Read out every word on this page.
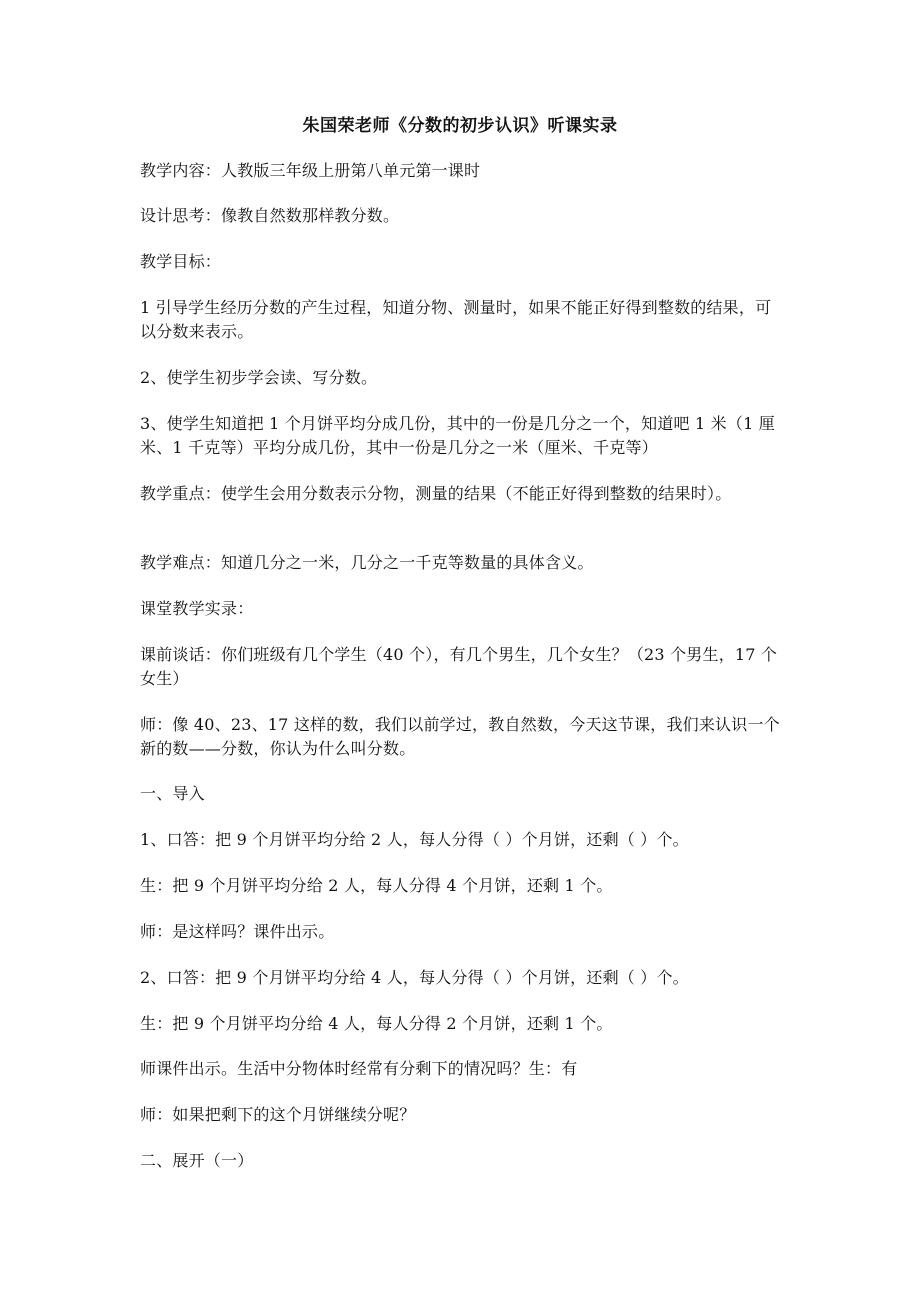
朱国荣老师《分数的初步认识》听课实录
教学内容：人教版三年级上册第八单元第一课时
设计思考：像教自然数那样教分数。
教学目标：
1 引导学生经历分数的产生过程，知道分物、测量时，如果不能正好得到整数的结果，可以分数来表示。
2、使学生初步学会读、写分数。
3、使学生知道把 1 个月饼平均分成几份，其中的一份是几分之一个，知道吧 1 米（1 厘米、1 千克等）平均分成几份，其中一份是几分之一米（厘米、千克等）
教学重点：使学生会用分数表示分物，测量的结果（不能正好得到整数的结果时）。
教学难点：知道几分之一米，几分之一千克等数量的具体含义。
课堂教学实录：
课前谈话：你们班级有几个学生（40 个），有几个男生，几个女生？（23 个男生，17 个女生）
师：像 40、23、17 这样的数，我们以前学过，教自然数，今天这节课，我们来认识一个新的数——分数，你认为什么叫分数。
一、导入
1、口答：把 9 个月饼平均分给 2 人，每人分得（ ）个月饼，还剩（ ）个。
生：把 9 个月饼平均分给 2 人，每人分得 4 个月饼，还剩 1 个。
师：是这样吗？课件出示。
2、口答：把 9 个月饼平均分给 4 人，每人分得（ ）个月饼，还剩（ ）个。
生：把 9 个月饼平均分给 4 人，每人分得 2 个月饼，还剩 1 个。
师课件出示。生活中分物体时经常有分剩下的情况吗？生：有
师：如果把剩下的这个月饼继续分呢？
二、展开（一）
